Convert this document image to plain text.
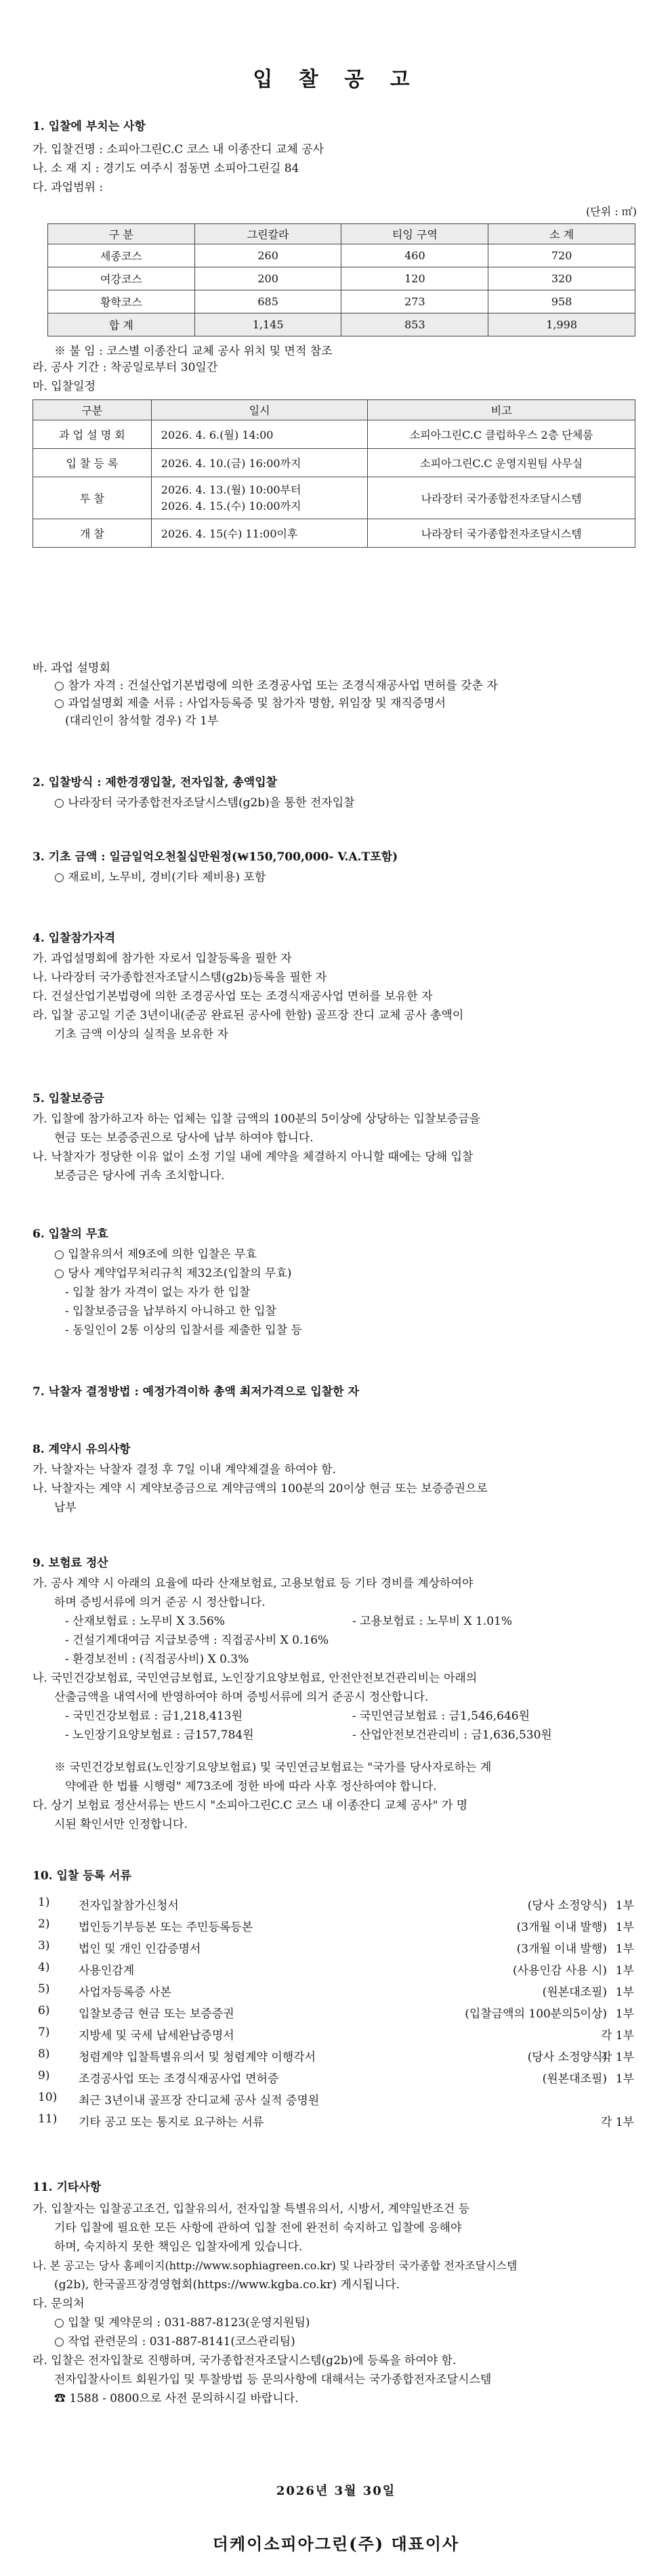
입 찰 공 고
1. 입찰에 부치는 사항
가. 입찰건명 : 소피아그린C.C 코스 내 이종잔디 교체 공사
나. 소 재 지 : 경기도 여주시 점동면 소피아그린길 84
다. 과업범위 :
(단위 : ㎡)
구 분	그린칼라	티잉 구역	소 계
세종코스	260	460	720
여강코스	200	120	320
황학코스	685	273	958
합 계	1,145	853	1,998
※ 불 임 : 코스별 이종잔디 교체 공사 위치 및 면적 참조
라. 공사 기간 : 착공일로부터 30일간
마. 입찰일정
구분	일시	비고
과 업 설 명 회	2026. 4. 6.(월) 14:00	소피아그린C.C 클럽하우스 2층 단체룸
입 찰 등 록	2026. 4. 10.(금) 16:00까지	소피아그린C.C 운영지원팀 사무실
투 찰	2026. 4. 13.(월) 10:00부터
2026. 4. 15.(수) 10:00까지	나라장터 국가종합전자조달시스템
개 찰	2026. 4. 15(수) 11:00이후	나라장터 국가종합전자조달시스템
바. 과업 설명회
○ 참가 자격 : 건설산업기본법령에 의한 조경공사업 또는 조경식재공사업 면허를 갖춘 자
○ 과업설명회 제출 서류 : 사업자등록증 및 참가자 명함, 위임장 및 재직증명서
(대리인이 참석할 경우) 각 1부
2. 입찰방식 : 제한경쟁입찰, 전자입찰, 총액입찰
○ 나라장터 국가종합전자조달시스템(g2b)을 통한 전자입찰
3. 기초 금액 : 일금일억오천칠십만원정(₩150,700,000- V.A.T포함)
○ 재료비, 노무비, 경비(기타 제비용) 포함
4. 입찰참가자격
가. 과업설명회에 참가한 자로서 입찰등록을 필한 자
나. 나라장터 국가종합전자조달시스템(g2b)등록을 필한 자
다. 건설산업기본법령에 의한 조경공사업 또는 조경식재공사업 면허를 보유한 자
라. 입찰 공고일 기준 3년이내(준공 완료된 공사에 한함) 골프장 잔디 교체 공사 총액이
기초 금액 이상의 실적을 보유한 자
5. 입찰보증금
가. 입찰에 참가하고자 하는 업체는 입찰 금액의 100분의 5이상에 상당하는 입찰보증금을
현금 또는 보증증권으로 당사에 납부 하여야 합니다.
나. 낙찰자가 정당한 이유 없이 소정 기일 내에 계약을 체결하지 아니할 때에는 당해 입찰
보증금은 당사에 귀속 조치합니다.
6. 입찰의 무효
○ 입찰유의서 제9조에 의한 입찰은 무효
○ 당사 계약업무처리규칙 제32조(입찰의 무효)
- 입찰 참가 자격이 없는 자가 한 입찰
- 입찰보증금을 납부하지 아니하고 한 입찰
- 동일인이 2통 이상의 입찰서를 제출한 입찰 등
7. 낙찰자 결정방법 : 예정가격이하 총액 최저가격으로 입찰한 자
8. 계약시 유의사항
가. 낙찰자는 낙찰자 결정 후 7일 이내 계약체결을 하여야 함.
나. 낙찰자는 계약 시 계약보증금으로 계약금액의 100분의 20이상 현금 또는 보증증권으로
납부
9. 보험료 정산
가. 공사 계약 시 아래의 요율에 따라 산재보험료, 고용보험료 등 기타 경비를 계상하여야
하며 증빙서류에 의거 준공 시 정산합니다.
- 산재보험료 : 노무비 X 3.56%	- 고용보험료 : 노무비 X 1.01%
- 건설기계대여금 지급보증액 : 직접공사비 X 0.16%
- 환경보전비 : (직접공사비) X 0.3%
나. 국민건강보험료, 국민연금보험료, 노인장기요양보험료, 안전안전보건관리비는 아래의
산출금액을 내역서에 반영하여야 하며 증빙서류에 의거 준공시 정산합니다.
- 국민건강보험료 : 금1,218,413원	- 국민연금보험료 : 금1,546,646원
- 노인장기요양보험료 : 금157,784원	- 산업안전보건관리비 : 금1,636,530원
※ 국민건강보험료(노인장기요양보험료) 및 국민연금보험료는 "국가를 당사자로하는 계
약에관 한 법률 시행령" 제73조에 정한 바에 따라 사후 정산하여야 합니다.
다. 상기 보험료 정산서류는 반드시 "소피아그린C.C 코스 내 이종잔디 교체 공사" 가 명
시된 확인서만 인정합니다.
10. 입찰 등록 서류
1)	전자입찰참가신청서	(당사 소정양식) 1부
2)	법인등기부등본 또는 주민등록등본	(3개월 이내 발행) 1부
3)	법인 및 개인 인감증명서	(3개월 이내 발행) 1부
4)	사용인감계	(사용인감 사용 시) 1부
5)	사업자등록증 사본	(원본대조필) 1부
6)	입찰보증금 현금 또는 보증증권	(입찰금액의 100분의5이상) 1부
7)	지방세 및 국세 납세완납증명서	각 1부
8)	청렴계약 입찰특별유의서 및 청렴계약 이행각서	(당사 소정양식)
각 1부
9)	조경공사업 또는 조경식재공사업 면허증	(원본대조필) 1부
10) 최근 3년이내 골프장 잔디교체 공사 실적 증명원
11) 기타 공고 또는 통지로 요구하는 서류	각 1부
11. 기타사항
가. 입찰자는 입찰공고조건, 입찰유의서, 전자입찰 특별유의서, 시방서, 계약일반조건 등
기타 입찰에 필요한 모든 사항에 관하여 입찰 전에 완전히 숙지하고 입찰에 응해야
하며, 숙지하지 못한 책임은 입찰자에게 있습니다.
나. 본 공고는 당사 홈페이지(http://www.sophiagreen.co.kr) 및 나라장터 국가종합 전자조달시스템
(g2b), 한국골프장경영협회(https://www.kgba.co.kr) 게시됩니다.
다. 문의처
○ 입찰 및 계약문의 : 031-887-8123(운영지원팀)
○ 작업 관련문의 : 031-887-8141(코스관리팀)
라. 입찰은 전자입찰로 진행하며, 국가종합전자조달시스템(g2b)에 등록을 하여야 함.
전자입찰사이트 회원가입 및 투찰방법 등 문의사항에 대해서는 국가종합전자조달시스템
☎ 1588 - 0800으로 사전 문의하시길 바랍니다.
2026년 3월 30일
더케이소피아그린(주) 대표이사
